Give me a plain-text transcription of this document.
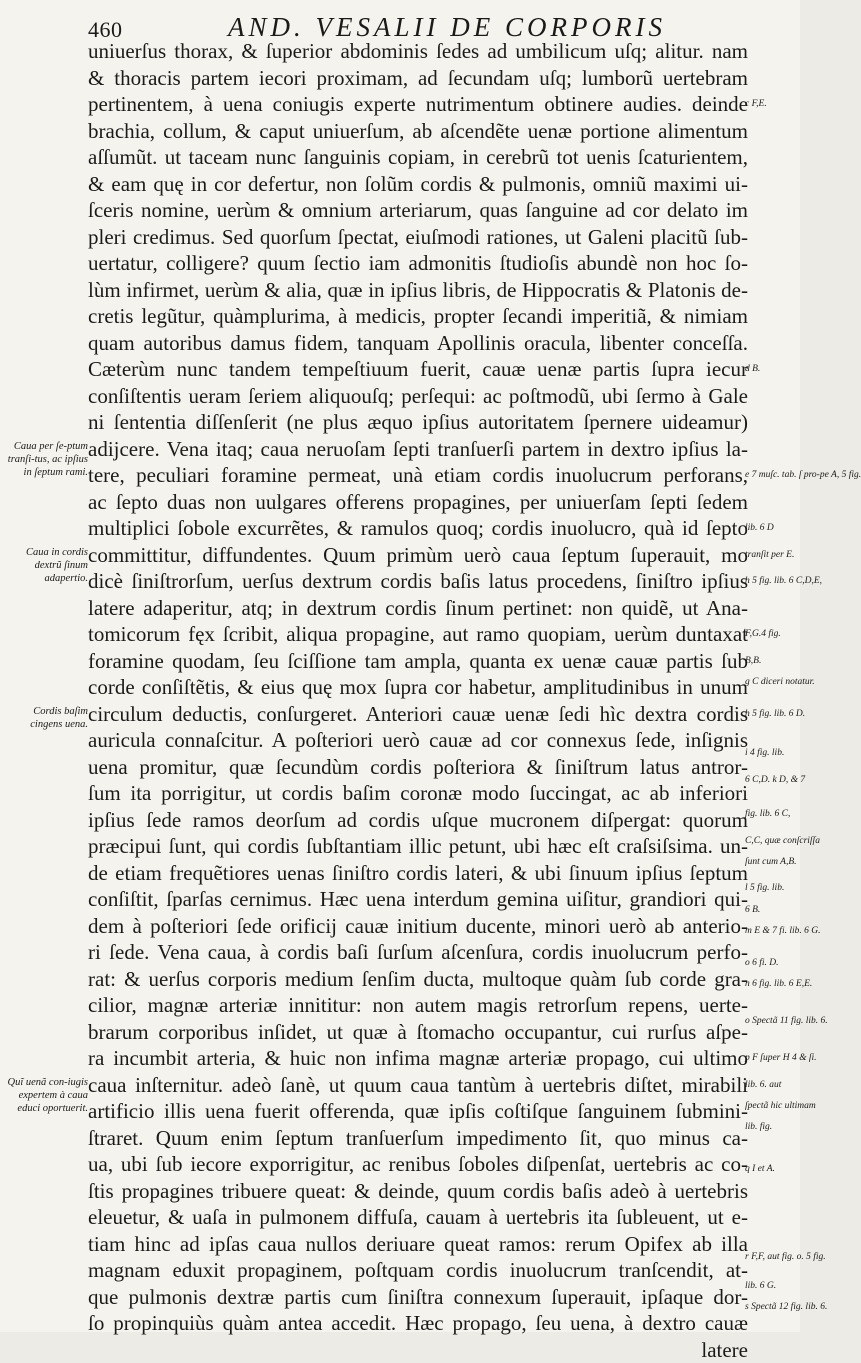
460	AND. VESALII DE CORPORIS
uniuerſus thorax, & ſuperior abdominis ſedes ad umbilicum uſq; alitur. nam
& thoracis partem iecori proximam, ad ſecundam uſq; lumborũ uertebram
pertinentem, à uena coniugis experte nutrimentum obtinere audies. deinde
brachia, collum, & caput uniuerſum, ab aſcendẽte uenæ portione alimentum
aſſumũt. ut taceam nunc ſanguinis copiam, in cerebrũ tot uenis ſcaturientem,
& eam quę in cor defertur, non ſolũm cordis & pulmonis, omniũ maximi ui-
ſceris nomine, uerùm & omnium arteriarum, quas ſanguine ad cor delato im
pleri credimus. Sed quorſum ſpectat, eiuſmodi rationes, ut Galeni placitũ ſub-
uertatur, colligere? quum ſectio iam admonitis ſtudioſis abundè non hoc ſo-
lùm infirmet, uerùm & alia, quæ in ipſius libris, de Hippocratis & Platonis de-
cretis legũtur, quàmplurima, à medicis, propter ſecandi imperitiã, & nimiam
quam autoribus damus fidem, tanquam Apollinis oracula, libenter conceſſa.
Cæterùm nunc tandem tempeſtiuum fuerit, cauæ uenæ partis ſupra iecur
conſiſtentis ueram ſeriem aliquouſq; perſequi: ac poſtmodũ, ubi ſermo à Gale
ni ſententia diſſenſerit (ne plus æquo ipſius autoritatem ſpernere uideamur)
adijcere. Vena itaq; caua neruoſam ſepti tranſuerſi partem in dextro ipſius la-
tere, peculiari foramine permeat, unà etiam cordis inuolucrum perforans,
ac ſepto duas non uulgares offerens propagines, per uniuerſam ſepti ſedem
multiplici ſobole excurrẽtes, & ramulos quoq; cordis inuolucro, quà id ſepto
committitur, diffundentes. Quum primùm uerò caua ſeptum ſuperauit, mo
dicè ſiniſtrorſum, uerſus dextrum cordis baſis latus procedens, ſiniſtro ipſius
latere adaperitur, atq; in dextrum cordis ſinum pertinet: non quidẽ, ut Ana-
tomicorum fęx ſcribit, aliqua propagine, aut ramo quopiam, uerùm duntaxat
foramine quodam, ſeu ſciſſione tam ampla, quanta ex uenæ cauæ partis ſub
corde conſiſtẽtis, & eius quę mox ſupra cor habetur, amplitudinibus in unum
circulum deductis, conſurgeret. Anteriori cauæ uenæ ſedi hìc dextra cordis
auricula connaſcitur. A poſteriori uerò cauæ ad cor connexus ſede, inſignis
uena promitur, quæ ſecundùm cordis poſteriora & ſiniſtrum latus antror-
ſum ita porrigitur, ut cordis baſim coronæ modo ſuccingat, ac ab inferiori
ipſius ſede ramos deorſum ad cordis uſque mucronem diſpergat: quorum
præcipui ſunt, qui cordis ſubſtantiam illic petunt, ubi hæc eſt craſsiſsima. un-
de etiam frequẽtiores uenas ſiniſtro cordis lateri, & ubi ſinuum ipſius ſeptum
conſiſtit, ſparſas cernimus. Hæc uena interdum gemina uiſitur, grandiori qui-
dem à poſteriori ſede orificij cauæ initium ducente, minori uerò ab anterio-
ri ſede. Vena caua, à cordis baſi ſurſum aſcenſura, cordis inuolucrum perfo-
rat: & uerſus corporis medium ſenſim ducta, multoque quàm ſub corde gra-
cilior, magnæ arteriæ innititur: non autem magis retrorſum repens, uerte-
brarum corporibus inſidet, ut quæ à ſtomacho occupantur, cui rurſus aſpe-
ra incumbit arteria, & huic non infima magnæ arteriæ propago, cui ultimo
caua inſternitur. adeò ſanè, ut quum caua tantùm à uertebris diſtet, mirabili
artificio illis uena fuerit offerenda, quæ ipſis coſtiſque ſanguinem ſubmini-
ſtraret. Quum enim ſeptum tranſuerſum impedimento ſit, quo minus ca-
ua, ubi ſub iecore exporrigitur, ac renibus ſoboles diſpenſat, uertebris ac co-
ſtis propagines tribuere queat: & deinde, quum cordis baſis adeò à uertebris
eleuetur, & uaſa in pulmonem diffuſa, cauam à uertebris ita ſubleuent, ut e-
tiam hinc ad ipſas caua nullos deriuare queat ramos: rerum Opifex ab illa
magnam eduxit propaginem, poſtquam cordis inuolucrum tranſcendit, at-
que pulmonis dextræ partis cum ſiniſtra connexum ſuperauit, ipſaque dor-
ſo propinquiùs quàm antea accedit. Hæc propago, ſeu uena, à dextro cauæ
latere
Caua per ſe-ptum tranſi-tus, ac ipſius in ſeptum rami.
Caua in cordis dextrũ ſinum adapertio.
Cordis baſim cingens uena.
Quĩ uenã con-iugis expertem à caua educi oportuerit.
c F,E.
d B.
e 7 muſc. tab. ſ pro-pe A, 5 fig.
lib. 6 D
tranſit per E.
h 5 fig. lib. 6 C,D,E,
F,G.4 fig.
B,B.
g C diceri notatur.
h 5 fig. lib. 6 D.
i 4 fig. lib.
6 C,D. k D, & 7
fig. lib. 6 C,
C,C, quæ conſcriſſa
ſunt cum A,B.
l 5 fig. lib.
6 B.
m E & 7 fi. lib. 6 G.
o 6 fi. D.
n 6 fig. lib. 6 E,E.
o Spectã 11 fig. lib. 6.
p F ſuper H 4 & ſi.
lib. 6. aut
ſpectã hic ultimam
lib. fig.
q I et A.
r F,F, aut fig. o. 5 fig.
lib. 6 G.
s Spectã 12 fig. lib. 6.
